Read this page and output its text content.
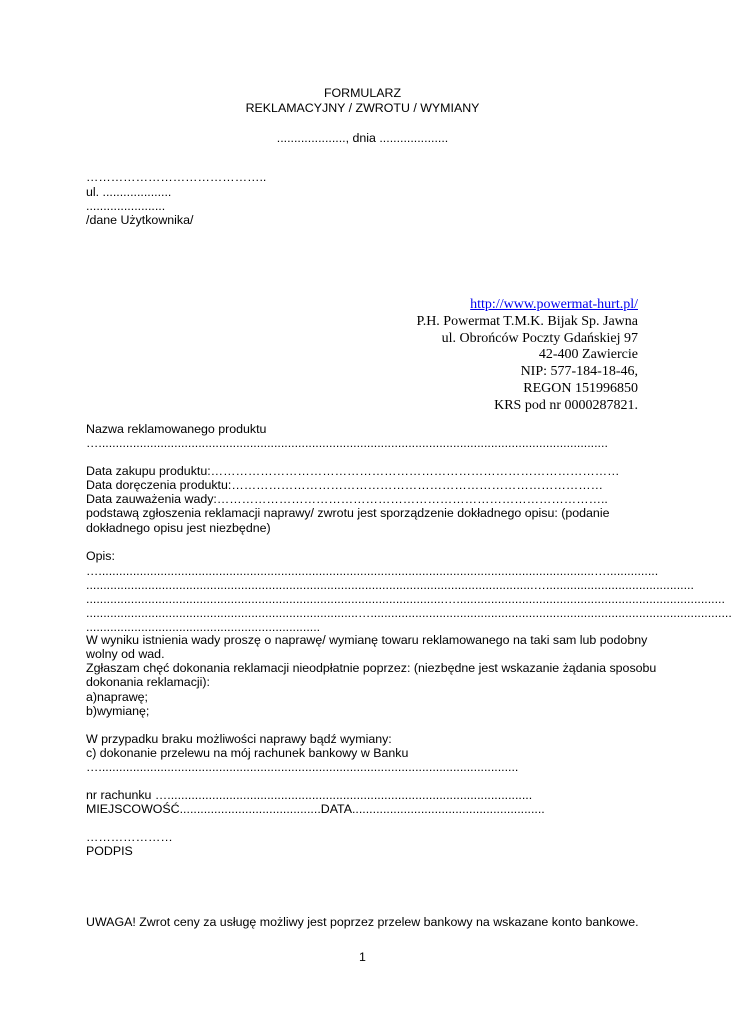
FORMULARZ
REKLAMACYJNY / ZWROTU / WYMIANY
...................., dnia ....................
……………………………………..
ul. ....................
.......................
/dane Użytkownika/
http://www.powermat-hurt.pl/
P.H. Powermat T.M.K. Bijak Sp. Jawna
ul. Obrońców Poczty Gdańskiej 97
42-400 Zawiercie
NIP: 577-184-18-46,
REGON 151996850
KRS pod nr 0000287821.
Nazwa reklamowanego produktu
…....................................................................................................................................................
Data zakupu produktu:………………………………………………………………………………………
Data doręczenia produktu:………………………………………………………………………………
Data zauważenia wady:…………………………………………………………………………………..
podstawą zgłoszenia reklamacji naprawy/ zwrotu jest sporządzenie dokładnego opisu: (podanie
dokładnego opisu jest niezbędne)
Opis:
…................................................................................................................................................…...............
..................................................................................................................................…...........................................
........................................................................................................…..............................................................................
...............................................................................….........................................................................................................
....................................................................
W wyniku istnienia wady proszę o naprawę/ wymianę towaru reklamowanego na taki sam lub podobny
wolny od wad.
Zgłaszam chęć dokonania reklamacji nieodpłatnie poprzez: (niezbędne jest wskazanie żądania sposobu
dokonania reklamacji):
a)naprawę;
b)wymianę;
W przypadku braku możliwości naprawy bądź wymiany:
c) dokonanie przelewu na mój rachunek bankowy w Banku
…..........................................................................................................................
nr rachunku …..........................................................................................................
MIEJSCOWOŚĆ.........................................DATA........................................................
…………………
PODPIS
UWAGA! Zwrot ceny za usługę możliwy jest poprzez przelew bankowy na wskazane konto bankowe.
1
